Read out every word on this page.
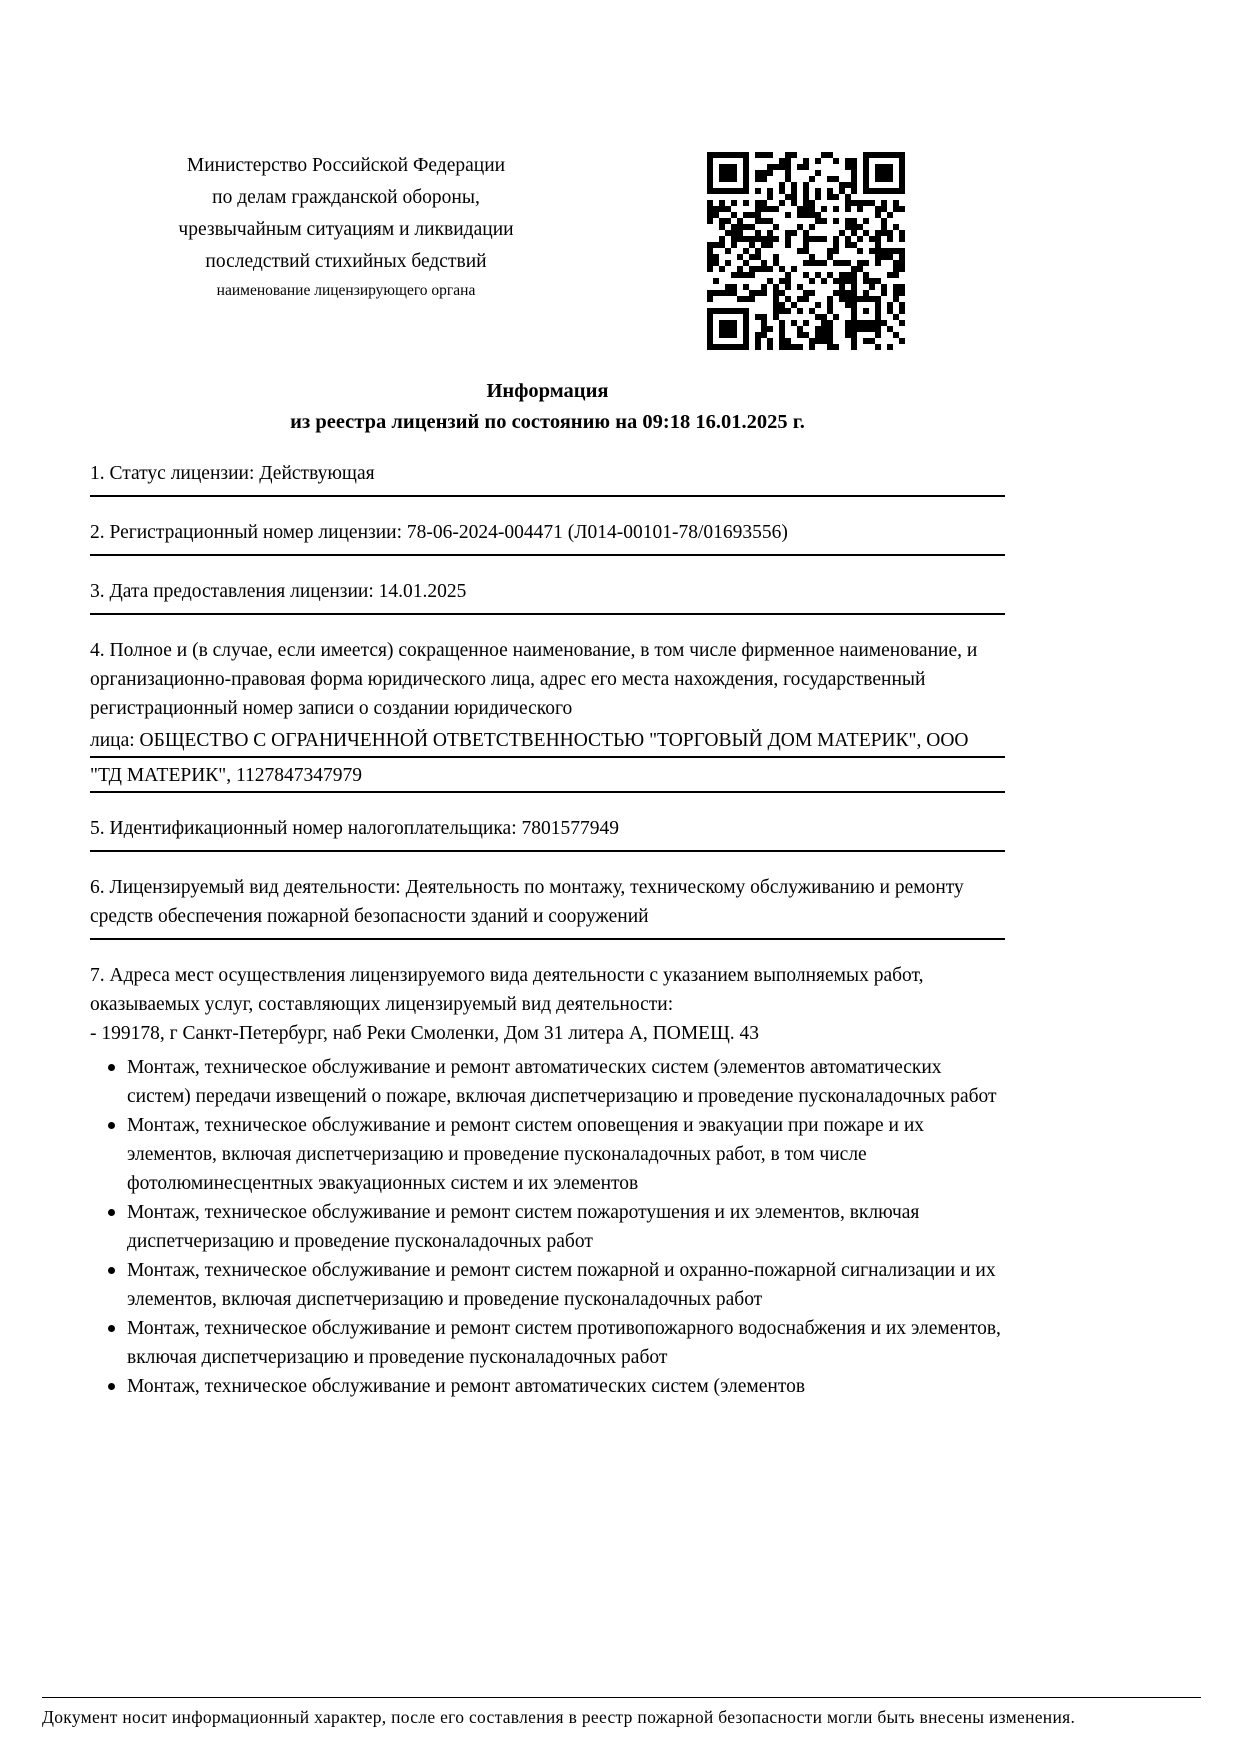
Министерство Российской Федерации
по делам гражданской обороны,
чрезвычайным ситуациям и ликвидации
последствий стихийных бедствий
наименование лицензирующего органа
Информация
из реестра лицензий по состоянию на 09:18 16.01.2025 г.
1. Статус лицензии: Действующая
2. Регистрационный номер лицензии: 78-06-2024-004471 (Л014-00101-78/01693556)
3. Дата предоставления лицензии: 14.01.2025
4. Полное и (в случае, если имеется) сокращенное наименование, в том числе фирменное наименование, и организационно-правовая форма юридического лица, адрес его места нахождения, государственный регистрационный номер записи о создании юридического
лица: ОБЩЕСТВО С ОГРАНИЧЕННОЙ ОТВЕТСТВЕННОСТЬЮ "ТОРГОВЫЙ ДОМ МАТЕРИК", ООО "ТД МАТЕРИК", 1127847347979
5. Идентификационный номер налогоплательщика: 7801577949
6. Лицензируемый вид деятельности: Деятельность по монтажу, техническому обслуживанию и ремонту средств обеспечения пожарной безопасности зданий и сооружений
7. Адреса мест осуществления лицензируемого вида деятельности с указанием выполняемых работ, оказываемых услуг, составляющих лицензируемый вид деятельности:
- 199178, г Санкт-Петербург, наб Реки Смоленки, Дом 31 литера А, ПОМЕЩ. 43
Монтаж, техническое обслуживание и ремонт автоматических систем (элементов автоматических систем) передачи извещений о пожаре, включая диспетчеризацию и проведение пусконаладочных работ
Монтаж, техническое обслуживание и ремонт систем оповещения и эвакуации при пожаре и их элементов, включая диспетчеризацию и проведение пусконаладочных работ, в том числе фотолюминесцентных эвакуационных систем и их элементов
Монтаж, техническое обслуживание и ремонт систем пожаротушения и их элементов, включая диспетчеризацию и проведение пусконаладочных работ
Монтаж, техническое обслуживание и ремонт систем пожарной и охранно-пожарной сигнализации и их элементов, включая диспетчеризацию и проведение пусконаладочных работ
Монтаж, техническое обслуживание и ремонт систем противопожарного водоснабжения и их элементов, включая диспетчеризацию и проведение пусконаладочных работ
Монтаж, техническое обслуживание и ремонт автоматических систем (элементов
Документ носит информационный характер, после его составления в реестр пожарной безопасности могли быть внесены изменения.
